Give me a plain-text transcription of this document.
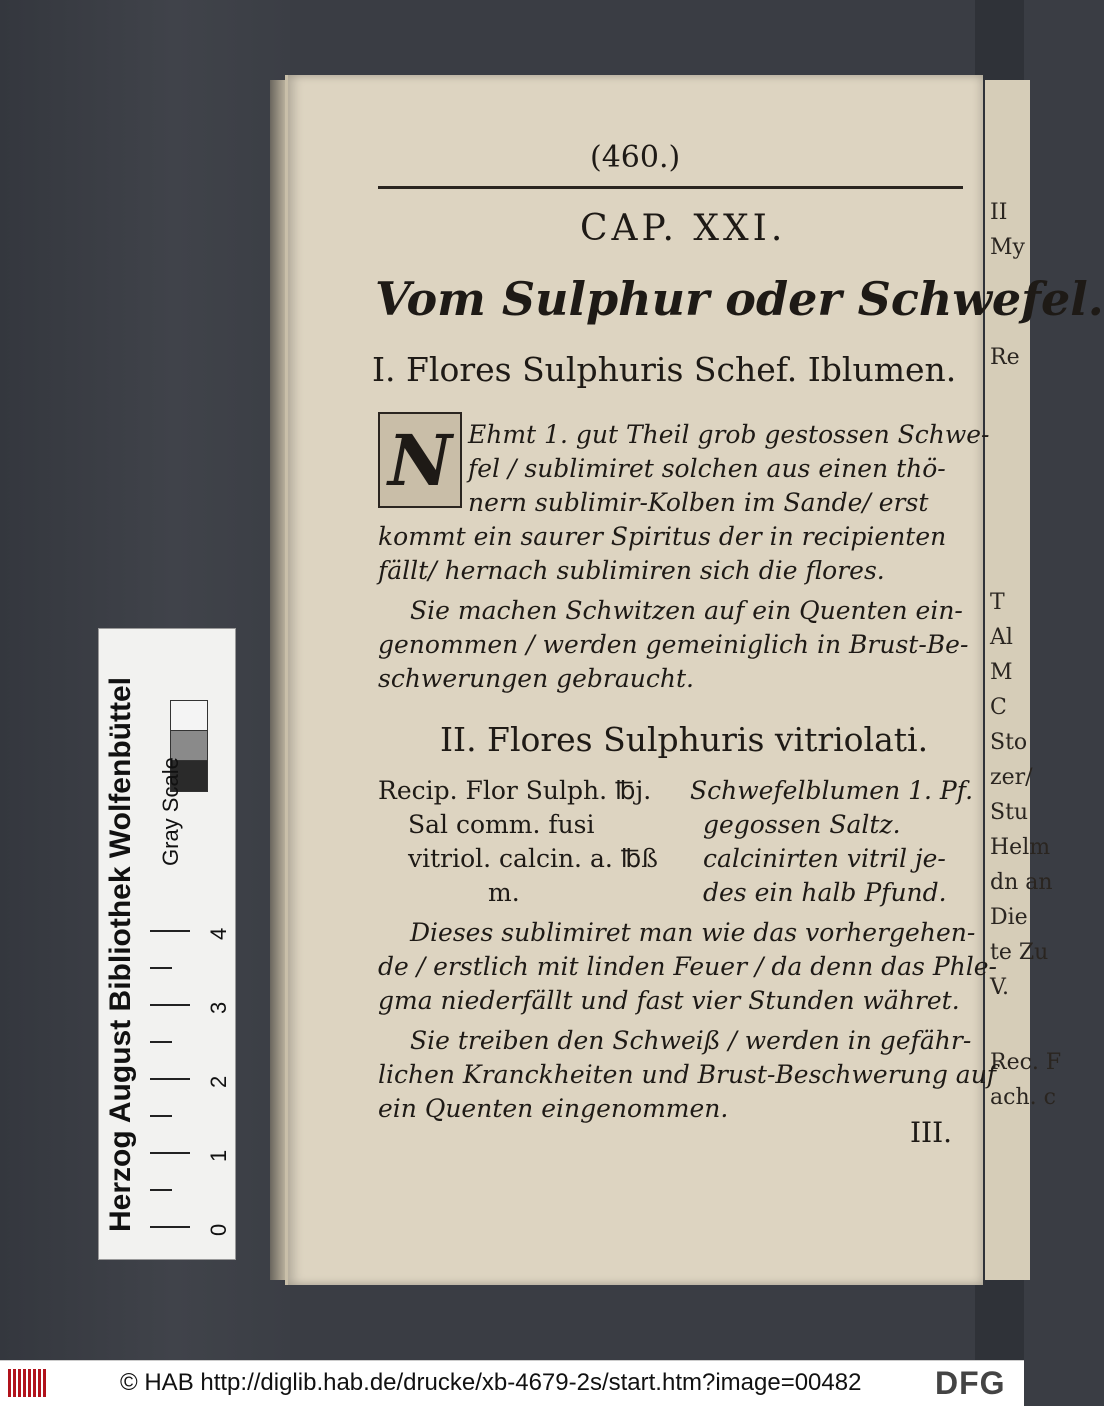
II
My
Re
T
Al
M
C
Sto
zer/
Stu
Helm
dn an
Die
te Zu
V.
Rec. F
ach. c
(460.)
CAP. XXI.
Vom Sulphur oder Schwefel.
I. Flores Sulphuris Schef. Iblumen.
N Ehmt 1. gut Theil grob gestossen Schwe-
fel / sublimiret solchen aus einen thö-
nern sublimir-Kolben im Sande/ erst
kommt ein saurer Spiritus der in recipienten
fällt/ hernach sublimiren sich die flores.
Sie machen Schwitzen auf ein Quenten ein-
genommen / werden gemeiniglich in Brust-Be-
schwerungen gebraucht.
II. Flores Sulphuris vitriolati.
Recip. Flor Sulph. ℔j.
Sal comm. fusi
vitriol. calcin. a. ℔ß
m.
Schwefelblumen 1. Pf.
gegossen Saltz.
calcinirten vitril je-
des ein halb Pfund.
Dieses sublimiret man wie das vorhergehen-
de / erstlich mit linden Feuer / da denn das Phle-
gma niederfällt und fast vier Stunden währet.
Sie treiben den Schweiß / werden in gefähr-
lichen Kranckheiten und Brust-Beschwerung auf
ein Quenten eingenommen.
III.
Herzog August Bibliothek Wolfenbüttel Gray Scale
0
1
2
3
4
© HAB http://diglib.hab.de/drucke/xb-4679-2s/start.htm?image=00482 DFG
